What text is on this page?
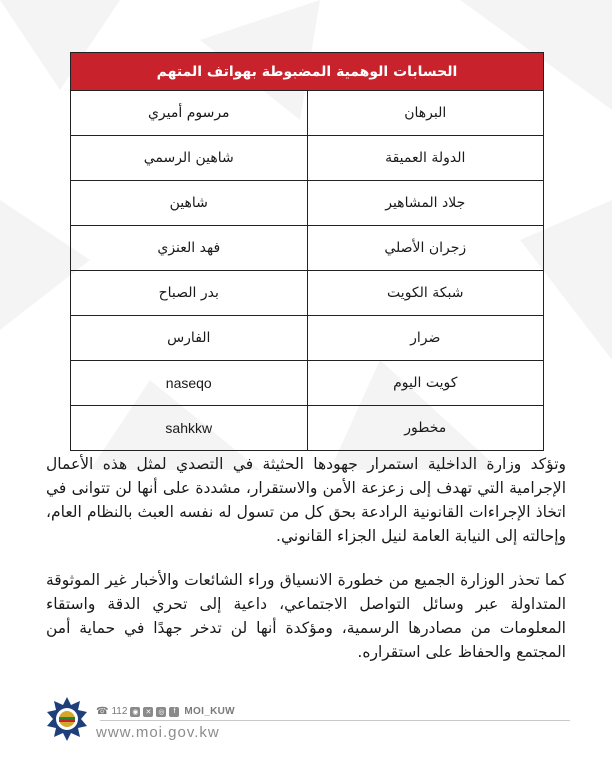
الحسابات الوهمية المضبوطة بهواتف المتهم
مرسوم أميري	البرهان
شاهين الرسمي	الدولة العميقة
شاهين	جلاد المشاهير
فهد العنزي	زجران الأصلي
بدر الصباح	شبكة الكويت
الفارس	ضرار
naseqo	كويت اليوم
sahkkw	مخطور

وتؤكد وزارة الداخلية استمرار جهودها الحثيثة في التصدي لمثل هذه الأعمال الإجرامية التي تهدف إلى زعزعة الأمن والاستقرار، مشددة على أنها لن تتوانى في اتخاذ الإجراءات القانونية الرادعة بحق كل من تسول له نفسه العبث بالنظام العام، وإحالته إلى النيابة العامة لنيل الجزاء القانوني.

كما تحذر الوزارة الجميع من خطورة الانسياق وراء الشائعات والأخبار غير الموثوقة المتداولة عبر وسائل التواصل الاجتماعي، داعية إلى تحري الدقة واستقاء المعلومات من مصادرها الرسمية، ومؤكدة أنها لن تدخر جهدًا في حماية أمن المجتمع والحفاظ على استقراره.

☎ 112 ◉ ✕ ◎	f MOI_KUW
www.moi.gov.kw
